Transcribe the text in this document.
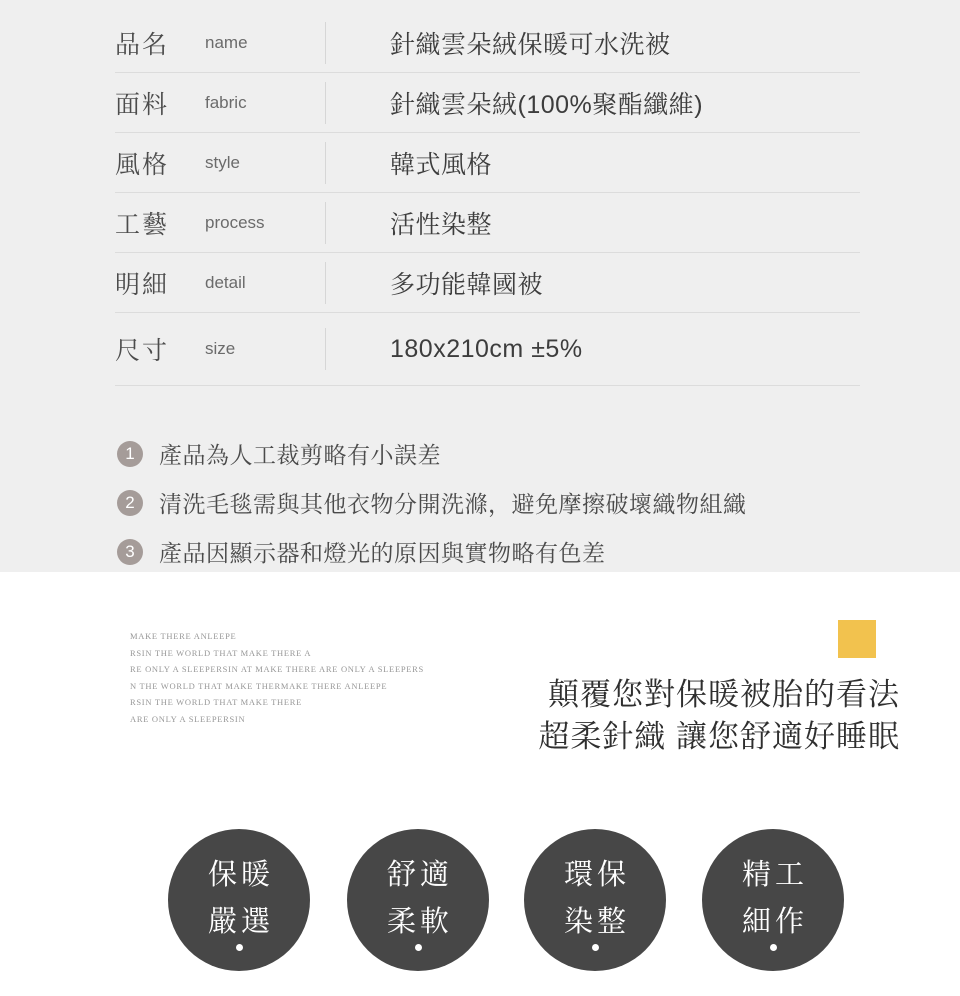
品名	name	針織雲朵絨保暖可水洗被
面料	fabric	針織雲朵絨(100%聚酯纖維)
風格	style	韓式風格
工藝	process	活性染整
明細	detail	多功能韓國被
尺寸	size	180x210cm ±5%
1	產品為人工裁剪略有小誤差
2	清洗毛毯需與其他衣物分開洗滌，避免摩擦破壞織物組織
3	產品因顯示器和燈光的原因與實物略有色差
MAKE THERE ANLEEPE
RSIN THE WORLD THAT MAKE THERE A
RE ONLY A SLEEPERSIN AT MAKE THERE ARE ONLY A SLEEPERS
N THE WORLD THAT MAKE THERMAKE THERE ANLEEPE
RSIN THE WORLD THAT MAKE THERE
ARE ONLY A SLEEPERSIN
顛覆您對保暖被胎的看法
超柔針織 讓您舒適好睡眠
保暖
嚴選
舒適
柔軟
環保
染整
精工
細作
